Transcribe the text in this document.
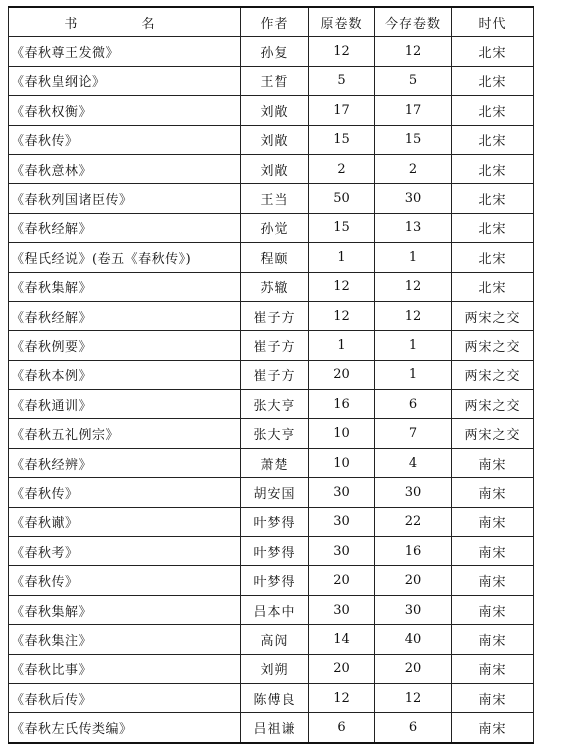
书 名	作者	原卷数	今存卷数	时代
《春秋尊王发微》	孙复	12	12	北宋
《春秋皇纲论》	王晳	5	5	北宋
《春秋权衡》	刘敞	17	17	北宋
《春秋传》	刘敞	15	15	北宋
《春秋意林》	刘敞	2	2	北宋
《春秋列国诸臣传》	王当	50	30	北宋
《春秋经解》	孙觉	15	13	北宋
《程氏经说》(卷五《春秋传》)	程颐	1	1	北宋
《春秋集解》	苏辙	12	12	北宋
《春秋经解》	崔子方	12	12	两宋之交
《春秋例要》	崔子方	1	1	两宋之交
《春秋本例》	崔子方	20	1	两宋之交
《春秋通训》	张大亨	16	6	两宋之交
《春秋五礼例宗》	张大亨	10	7	两宋之交
《春秋经辨》	萧楚	10	4	南宋
《春秋传》	胡安国	30	30	南宋
《春秋谳》	叶梦得	30	22	南宋
《春秋考》	叶梦得	30	16	南宋
《春秋传》	叶梦得	20	20	南宋
《春秋集解》	吕本中	30	30	南宋
《春秋集注》	高闶	14	40	南宋
《春秋比事》	刘朔	20	20	南宋
《春秋后传》	陈傅良	12	12	南宋
《春秋左氏传类编》	吕祖谦	6	6	南宋
